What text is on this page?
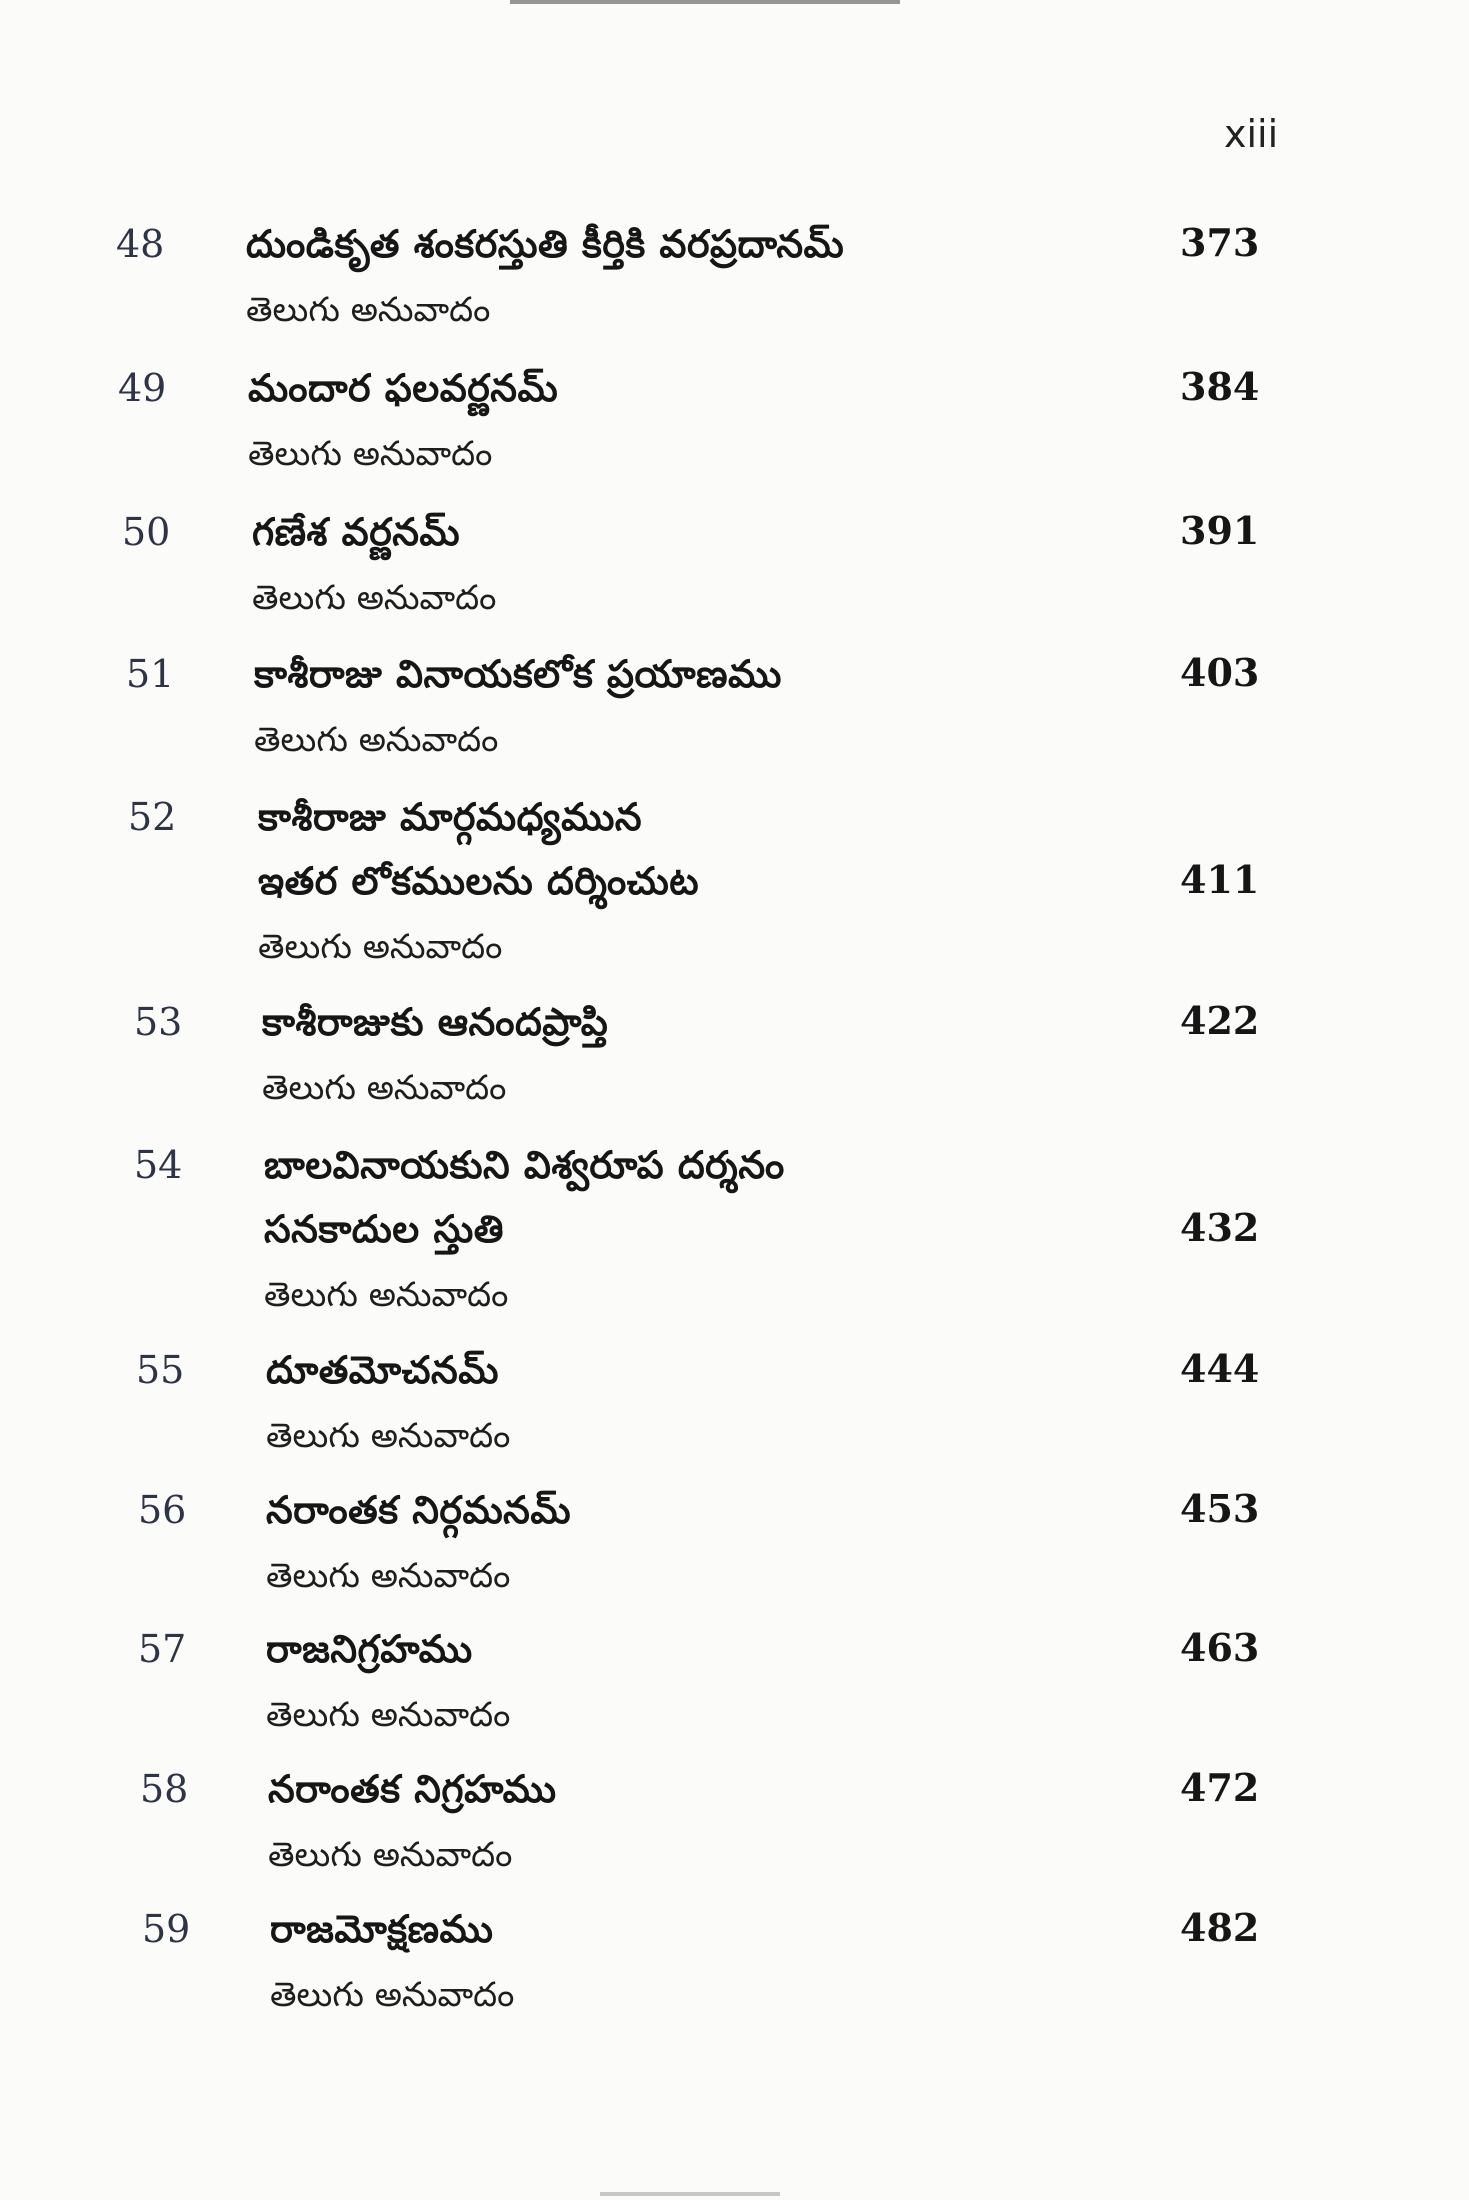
xiii
48 దుండికృత శంకరస్తుతి కీర్తికి వరప్రదానమ్	373
తెలుగు అనువాదం
49 మందార ఫలవర్ణనమ్	384
తెలుగు అనువాదం
50 గణేశ వర్ణనమ్	391
తెలుగు అనువాదం
51 కాశీరాజు వినాయకలోక ప్రయాణము	403
తెలుగు అనువాదం
52 కాశీరాజు మార్గమధ్యమున
ఇతర లోకములను దర్శించుట	411
తెలుగు అనువాదం
53 కాశీరాజుకు ఆనందప్రాప్తి	422
తెలుగు అనువాదం
54 బాలవినాయకుని విశ్వరూప దర్శనం
సనకాదుల స్తుతి	432
తెలుగు అనువాదం
55 దూతమోచనమ్	444
తెలుగు అనువాదం
56 నరాంతక నిర్గమనమ్	453
తెలుగు అనువాదం
57 రాజనిగ్రహము	463
తెలుగు అనువాదం
58 నరాంతక నిగ్రహము	472
తెలుగు అనువాదం
59 రాజమోక్షణము	482
తెలుగు అనువాదం
